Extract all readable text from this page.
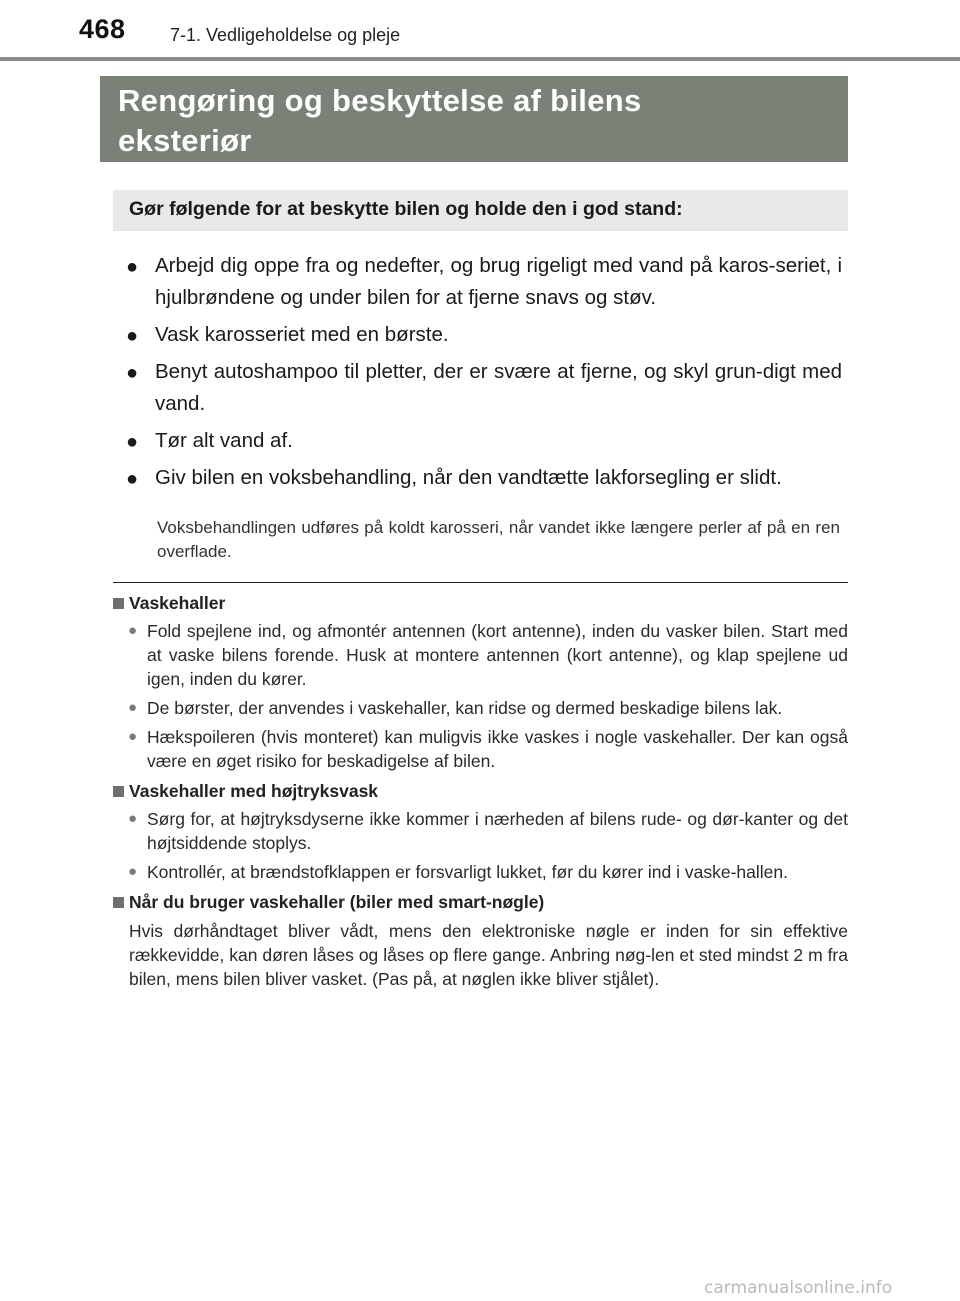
468 7-1. Vedligeholdelse og pleje
Rengøring og beskyttelse af bilens
eksteriør
Gør følgende for at beskytte bilen og holde den i god stand:
● Arbejd dig oppe fra og nedefter, og brug rigeligt med vand på karos-seriet, i hjulbrøndene og under bilen for at fjerne snavs og støv.
● Vask karosseriet med en børste.
● Benyt autoshampoo til pletter, der er svære at fjerne, og skyl grun-digt med vand.
● Tør alt vand af.
● Giv bilen en voksbehandling, når den vandtætte lakforsegling er slidt.
Voksbehandlingen udføres på koldt karosseri, når vandet ikke længere perler af på en ren overflade.
Vaskehaller
● Fold spejlene ind, og afmontér antennen (kort antenne), inden du vasker bilen. Start med at vaske bilens forende. Husk at montere antennen (kort antenne), og klap spejlene ud igen, inden du kører.
● De børster, der anvendes i vaskehaller, kan ridse og dermed beskadige bilens lak.
● Hækspoileren (hvis monteret) kan muligvis ikke vaskes i nogle vaskehaller. Der kan også være en øget risiko for beskadigelse af bilen.
Vaskehaller med højtryksvask
● Sørg for, at højtryksdyserne ikke kommer i nærheden af bilens rude- og dør-kanter og det højtsiddende stoplys.
● Kontrollér, at brændstofklappen er forsvarligt lukket, før du kører ind i vaske-hallen.
Når du bruger vaskehaller (biler med smart-nøgle)
Hvis dørhåndtaget bliver vådt, mens den elektroniske nøgle er inden for sin effektive rækkevidde, kan døren låses og låses op flere gange. Anbring nøg-len et sted mindst 2 m fra bilen, mens bilen bliver vasket. (Pas på, at nøglen ikke bliver stjålet).
carmanualsonline.info
